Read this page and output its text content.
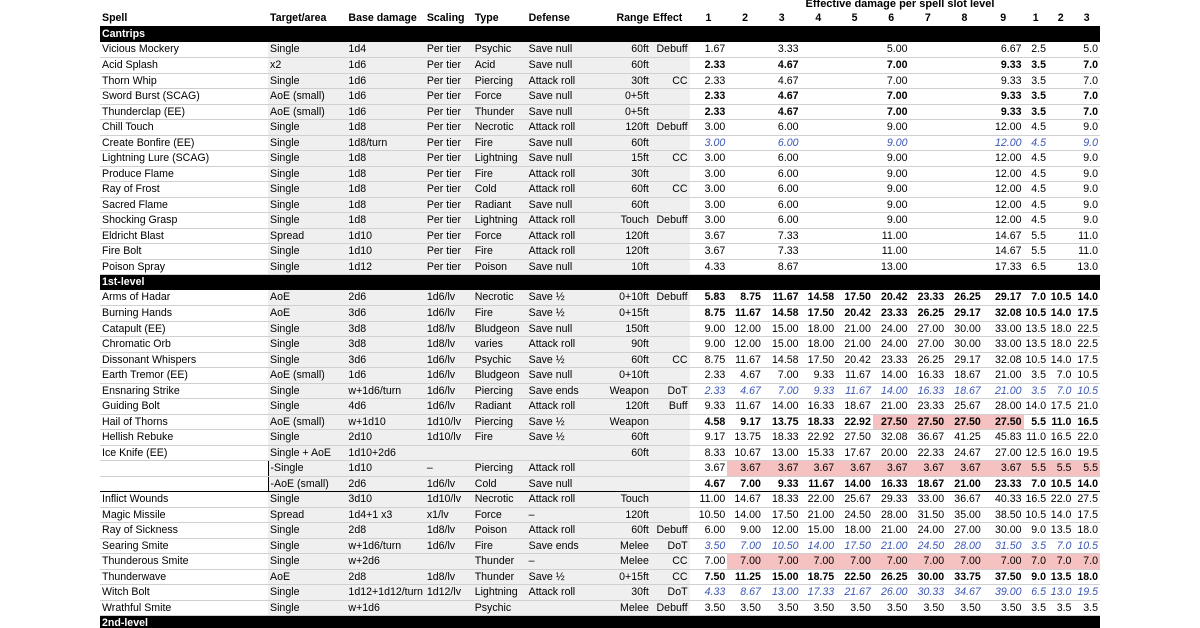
Effective damage per spell slot level
Spell	Target/area	Base damage	Scaling	Type	Defense	Range	Effect	1	2	3	4	5	6	7	8	9	1	2	3
Cantrips																			
Vicious Mockery	Single	1d4	Per tier	Psychic	Save null	60ft	Debuff	1.67		3.33			5.00			6.67	2.5		5.0
Acid Splash	x2	1d6	Per tier	Acid	Save null	60ft		2.33		4.67			7.00			9.33	3.5		7.0
Thorn Whip	Single	1d6	Per tier	Piercing	Attack roll	30ft	CC	2.33		4.67			7.00			9.33	3.5		7.0
Sword Burst (SCAG)	AoE (small)	1d6	Per tier	Force	Save null	0+5ft		2.33		4.67			7.00			9.33	3.5		7.0
Thunderclap (EE)	AoE (small)	1d6	Per tier	Thunder	Save null	0+5ft		2.33		4.67			7.00			9.33	3.5		7.0
Chill Touch	Single	1d8	Per tier	Necrotic	Attack roll	120ft	Debuff	3.00		6.00			9.00			12.00	4.5		9.0
Create Bonfire (EE)	Single	1d8/turn	Per tier	Fire	Save null	60ft		3.00		6.00			9.00			12.00	4.5		9.0
Lightning Lure (SCAG)	Single	1d8	Per tier	Lightning	Save null	15ft	CC	3.00		6.00			9.00			12.00	4.5		9.0
Produce Flame	Single	1d8	Per tier	Fire	Attack roll	30ft		3.00		6.00			9.00			12.00	4.5		9.0
Ray of Frost	Single	1d8	Per tier	Cold	Attack roll	60ft	CC	3.00		6.00			9.00			12.00	4.5		9.0
Sacred Flame	Single	1d8	Per tier	Radiant	Save null	60ft		3.00		6.00			9.00			12.00	4.5		9.0
Shocking Grasp	Single	1d8	Per tier	Lightning	Attack roll	Touch	Debuff	3.00		6.00			9.00			12.00	4.5		9.0
Eldricht Blast	Spread	1d10	Per tier	Force	Attack roll	120ft		3.67		7.33			11.00			14.67	5.5		11.0
Fire Bolt	Single	1d10	Per tier	Fire	Attack roll	120ft		3.67		7.33			11.00			14.67	5.5		11.0
Poison Spray	Single	1d12	Per tier	Poison	Save null	10ft		4.33		8.67			13.00			17.33	6.5		13.0
1st-level																			
Arms of Hadar	AoE	2d6	1d6/lv	Necrotic	Save ½	0+10ft	Debuff	5.83	8.75	11.67	14.58	17.50	20.42	23.33	26.25	29.17	7.0	10.5	14.0
Burning Hands	AoE	3d6	1d6/lv	Fire	Save ½	0+15ft		8.75	11.67	14.58	17.50	20.42	23.33	26.25	29.17	32.08	10.5	14.0	17.5
Catapult (EE)	Single	3d8	1d8/lv	Bludgeon	Save null	150ft		9.00	12.00	15.00	18.00	21.00	24.00	27.00	30.00	33.00	13.5	18.0	22.5
Chromatic Orb	Single	3d8	1d8/lv	varies	Attack roll	90ft		9.00	12.00	15.00	18.00	21.00	24.00	27.00	30.00	33.00	13.5	18.0	22.5
Dissonant Whispers	Single	3d6	1d6/lv	Psychic	Save ½	60ft	CC	8.75	11.67	14.58	17.50	20.42	23.33	26.25	29.17	32.08	10.5	14.0	17.5
Earth Tremor (EE)	AoE (small)	1d6	1d6/lv	Bludgeon	Save null	0+10ft		2.33	4.67	7.00	9.33	11.67	14.00	16.33	18.67	21.00	3.5	7.0	10.5
Ensnaring Strike	Single	w+1d6/turn	1d6/lv	Piercing	Save ends	Weapon	DoT	2.33	4.67	7.00	9.33	11.67	14.00	16.33	18.67	21.00	3.5	7.0	10.5
Guiding Bolt	Single	4d6	1d6/lv	Radiant	Attack roll	120ft	Buff	9.33	11.67	14.00	16.33	18.67	21.00	23.33	25.67	28.00	14.0	17.5	21.0
Hail of Thorns	AoE (small)	w+1d10	1d10/lv	Piercing	Save ½	Weapon		4.58	9.17	13.75	18.33	22.92	27.50	27.50	27.50	27.50	5.5	11.0	16.5
Hellish Rebuke	Single	2d10	1d10/lv	Fire	Save ½	60ft		9.17	13.75	18.33	22.92	27.50	32.08	36.67	41.25	45.83	11.0	16.5	22.0
Ice Knife (EE)	Single + AoE	1d10+2d6				60ft		8.33	10.67	13.00	15.33	17.67	20.00	22.33	24.67	27.00	12.5	16.0	19.5
	-Single	1d10	–	Piercing	Attack roll			3.67	3.67	3.67	3.67	3.67	3.67	3.67	3.67	3.67	5.5	5.5	5.5
	-AoE (small)	2d6	1d6/lv	Cold	Save null			4.67	7.00	9.33	11.67	14.00	16.33	18.67	21.00	23.33	7.0	10.5	14.0
Inflict Wounds	Single	3d10	1d10/lv	Necrotic	Attack roll	Touch		11.00	14.67	18.33	22.00	25.67	29.33	33.00	36.67	40.33	16.5	22.0	27.5
Magic Missile	Spread	1d4+1 x3	x1/lv	Force	–	120ft		10.50	14.00	17.50	21.00	24.50	28.00	31.50	35.00	38.50	10.5	14.0	17.5
Ray of Sickness	Single	2d8	1d8/lv	Poison	Attack roll	60ft	Debuff	6.00	9.00	12.00	15.00	18.00	21.00	24.00	27.00	30.00	9.0	13.5	18.0
Searing Smite	Single	w+1d6/turn	1d6/lv	Fire	Save ends	Melee	DoT	3.50	7.00	10.50	14.00	17.50	21.00	24.50	28.00	31.50	3.5	7.0	10.5
Thunderous Smite	Single	w+2d6		Thunder	–	Melee	CC	7.00	7.00	7.00	7.00	7.00	7.00	7.00	7.00	7.00	7.0	7.0	7.0
Thunderwave	AoE	2d8	1d8/lv	Thunder	Save ½	0+15ft	CC	7.50	11.25	15.00	18.75	22.50	26.25	30.00	33.75	37.50	9.0	13.5	18.0
Witch Bolt	Single	1d12+1d12/turn	1d12/lv	Lightning	Attack roll	30ft	DoT	4.33	8.67	13.00	17.33	21.67	26.00	30.33	34.67	39.00	6.5	13.0	19.5
Wrathful Smite	Single	w+1d6		Psychic		Melee	Debuff	3.50	3.50	3.50	3.50	3.50	3.50	3.50	3.50	3.50	3.5	3.5	3.5
2nd-level																			
